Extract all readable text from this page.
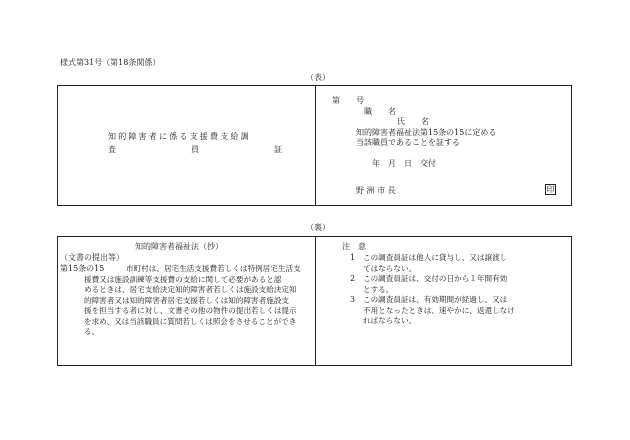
様式第31号（第18条関係）
（表）
知的障害者に係る支援費支給調
査	員	証
第　　号
職　　名
氏　　名
知的障害者福祉法第15条の15に定める
当該職員であることを証する
年　月　日　交付
野 洲 市 長	印
（裏）
知的障害者福祉法（抄）
（文書の提出等）
第15条の15	市町村は、居宅生活支援費若しくは特例居宅生活支
援費又は施設訓練等支援費の支給に関して必要があると認
めるときは、居宅支給決定知的障害者若しくは施設支給決定知
的障害者又は知的障害者居宅支援若しくは知的障害者施設支
援を担当する者に対し、文書その他の物件の提出若しくは提示
を求め、又は当該職員に質問若しくは照会をさせることができ
る。
注　意
1 この調査員証は他人に貸与し、又は譲渡し
てはならない。
2 この調査員証は、交付の日から１年間有効
とする。
3 この調査員証は、有効期間が経過し、又は
不用となったときは、速やかに、返還しなけ
ればならない。
